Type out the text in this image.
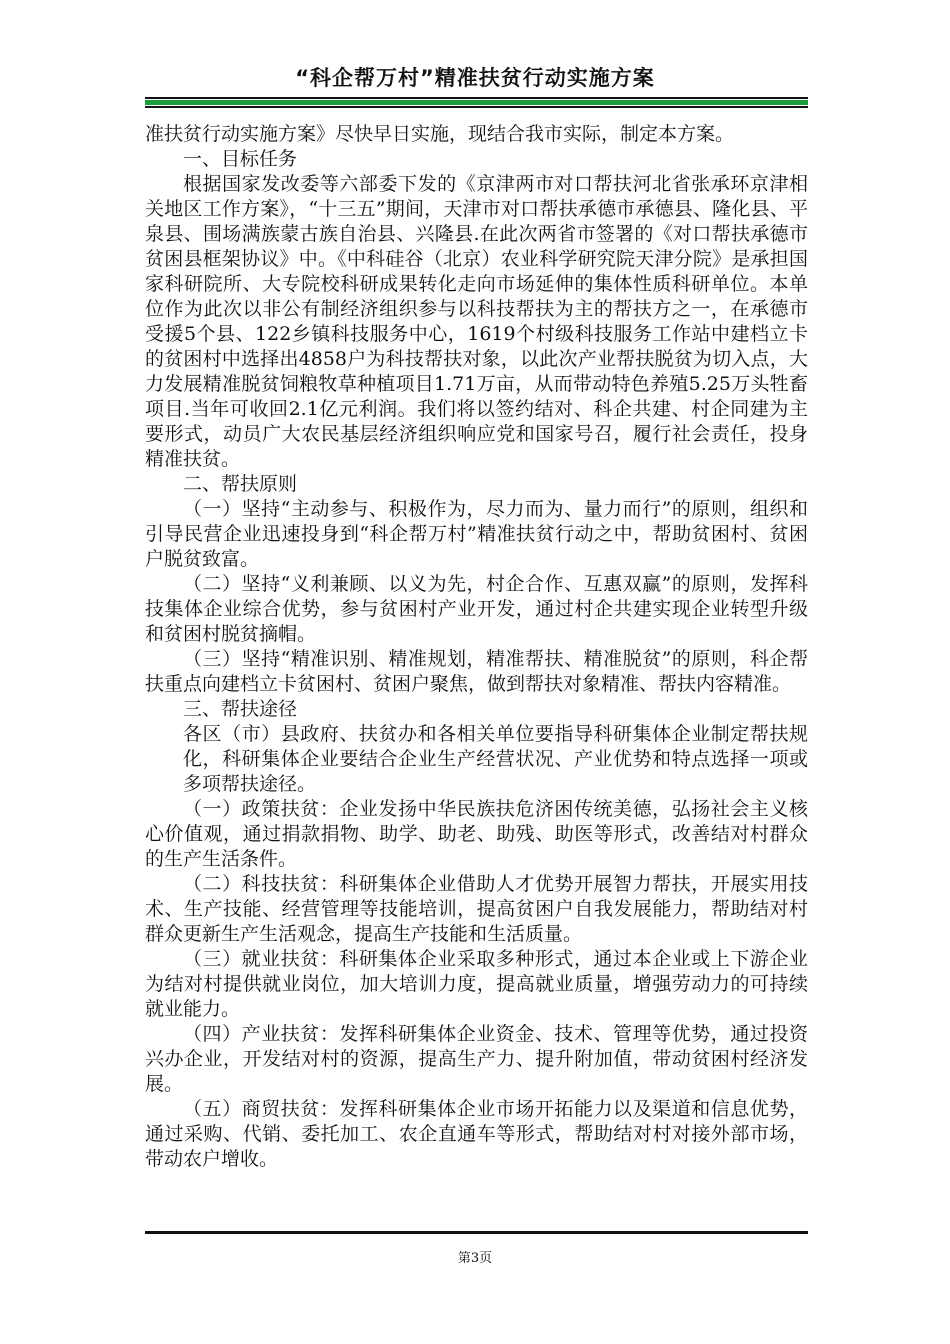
“科企帮万村”精准扶贫行动实施方案

准扶贫行动实施方案》尽快早日实施，现结合我市实际，制定本方案。

一、目标任务

根据国家发改委等六部委下发的《京津两市对口帮扶河北省张承环京津相关地区工作方案》，“十三五”期间，天津市对口帮扶承德市承德县、隆化县、平泉县、围场满族蒙古族自治县、兴隆县.在此次两省市签署的《对口帮扶承德市贫困县框架协议》中。《中科硅谷（北京）农业科学研究院天津分院》是承担国家科研院所、大专院校科研成果转化走向市场延伸的集体性质科研单位。本单位作为此次以非公有制经济组织参与以科技帮扶为主的帮扶方之一，在承德市受援5个县、122乡镇科技服务中心，1619个村级科技服务工作站中建档立卡的贫困村中选择出4858户为科技帮扶对象，以此次产业帮扶脱贫为切入点，大力发展精准脱贫饲粮牧草种植项目1.71万亩，从而带动特色养殖5.25万头牲畜项目.当年可收回2.1亿元利润。我们将以签约结对、科企共建、村企同建为主要形式，动员广大农民基层经济组织响应党和国家号召，履行社会责任，投身精准扶贫。

二、帮扶原则

（一）坚持“主动参与、积极作为，尽力而为、量力而行”的原则，组织和引导民营企业迅速投身到“科企帮万村”精准扶贫行动之中，帮助贫困村、贫困户脱贫致富。

（二）坚持“义利兼顾、以义为先，村企合作、互惠双赢”的原则，发挥科技集体企业综合优势，参与贫困村产业开发，通过村企共建实现企业转型升级和贫困村脱贫摘帽。

（三）坚持“精准识别、精准规划，精准帮扶、精准脱贫”的原则，科企帮扶重点向建档立卡贫困村、贫困户聚焦，做到帮扶对象精准、帮扶内容精准。

三、帮扶途径

各区（市）县政府、扶贫办和各相关单位要指导科研集体企业制定帮扶规化，科研集体企业要结合企业生产经营状况、产业优势和特点选择一项或多项帮扶途径。

（一）政策扶贫：企业发扬中华民族扶危济困传统美德，弘扬社会主义核心价值观，通过捐款捐物、助学、助老、助残、助医等形式，改善结对村群众的生产生活条件。

（二）科技扶贫：科研集体企业借助人才优势开展智力帮扶，开展实用技术、生产技能、经营管理等技能培训，提高贫困户自我发展能力，帮助结对村群众更新生产生活观念，提高生产技能和生活质量。

（三）就业扶贫：科研集体企业采取多种形式，通过本企业或上下游企业为结对村提供就业岗位，加大培训力度，提高就业质量，增强劳动力的可持续就业能力。

（四）产业扶贫：发挥科研集体企业资金、技术、管理等优势，通过投资兴办企业，开发结对村的资源，提高生产力、提升附加值，带动贫困村经济发展。

（五）商贸扶贫：发挥科研集体企业市场开拓能力以及渠道和信息优势，通过采购、代销、委托加工、农企直通车等形式，帮助结对村对接外部市场，带动农户增收。

第3页
